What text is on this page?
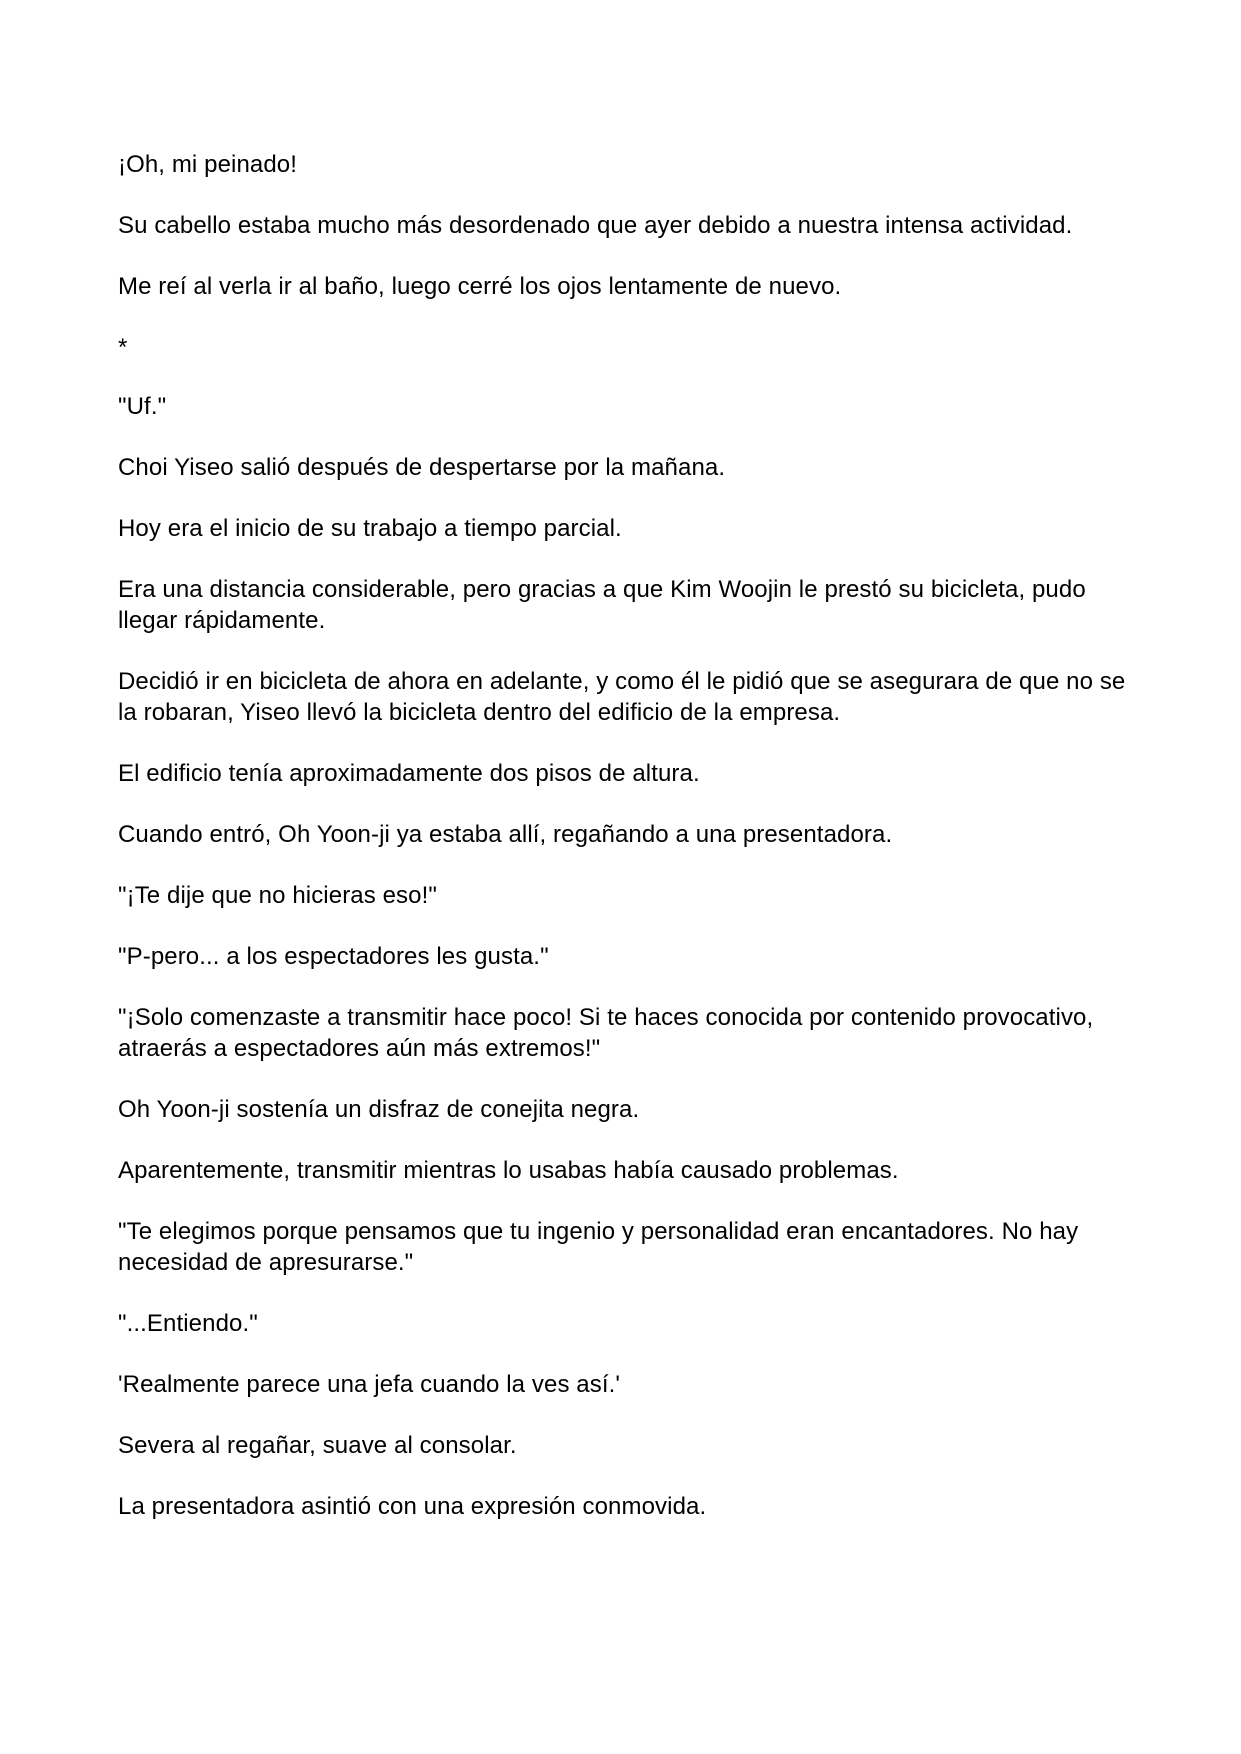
¡Oh, mi peinado!

Su cabello estaba mucho más desordenado que ayer debido a nuestra intensa actividad.

Me reí al verla ir al baño, luego cerré los ojos lentamente de nuevo.

*

"Uf."

Choi Yiseo salió después de despertarse por la mañana.

Hoy era el inicio de su trabajo a tiempo parcial.

Era una distancia considerable, pero gracias a que Kim Woojin le prestó su bicicleta, pudo llegar rápidamente.

Decidió ir en bicicleta de ahora en adelante, y como él le pidió que se asegurara de que no se la robaran, Yiseo llevó la bicicleta dentro del edificio de la empresa.

El edificio tenía aproximadamente dos pisos de altura.

Cuando entró, Oh Yoon-ji ya estaba allí, regañando a una presentadora.

"¡Te dije que no hicieras eso!"

"P-pero... a los espectadores les gusta."

"¡Solo comenzaste a transmitir hace poco! Si te haces conocida por contenido provocativo, atraerás a espectadores aún más extremos!"

Oh Yoon-ji sostenía un disfraz de conejita negra.

Aparentemente, transmitir mientras lo usabas había causado problemas.

"Te elegimos porque pensamos que tu ingenio y personalidad eran encantadores. No hay necesidad de apresurarse."

"...Entiendo."

'Realmente parece una jefa cuando la ves así.'

Severa al regañar, suave al consolar.

La presentadora asintió con una expresión conmovida.
